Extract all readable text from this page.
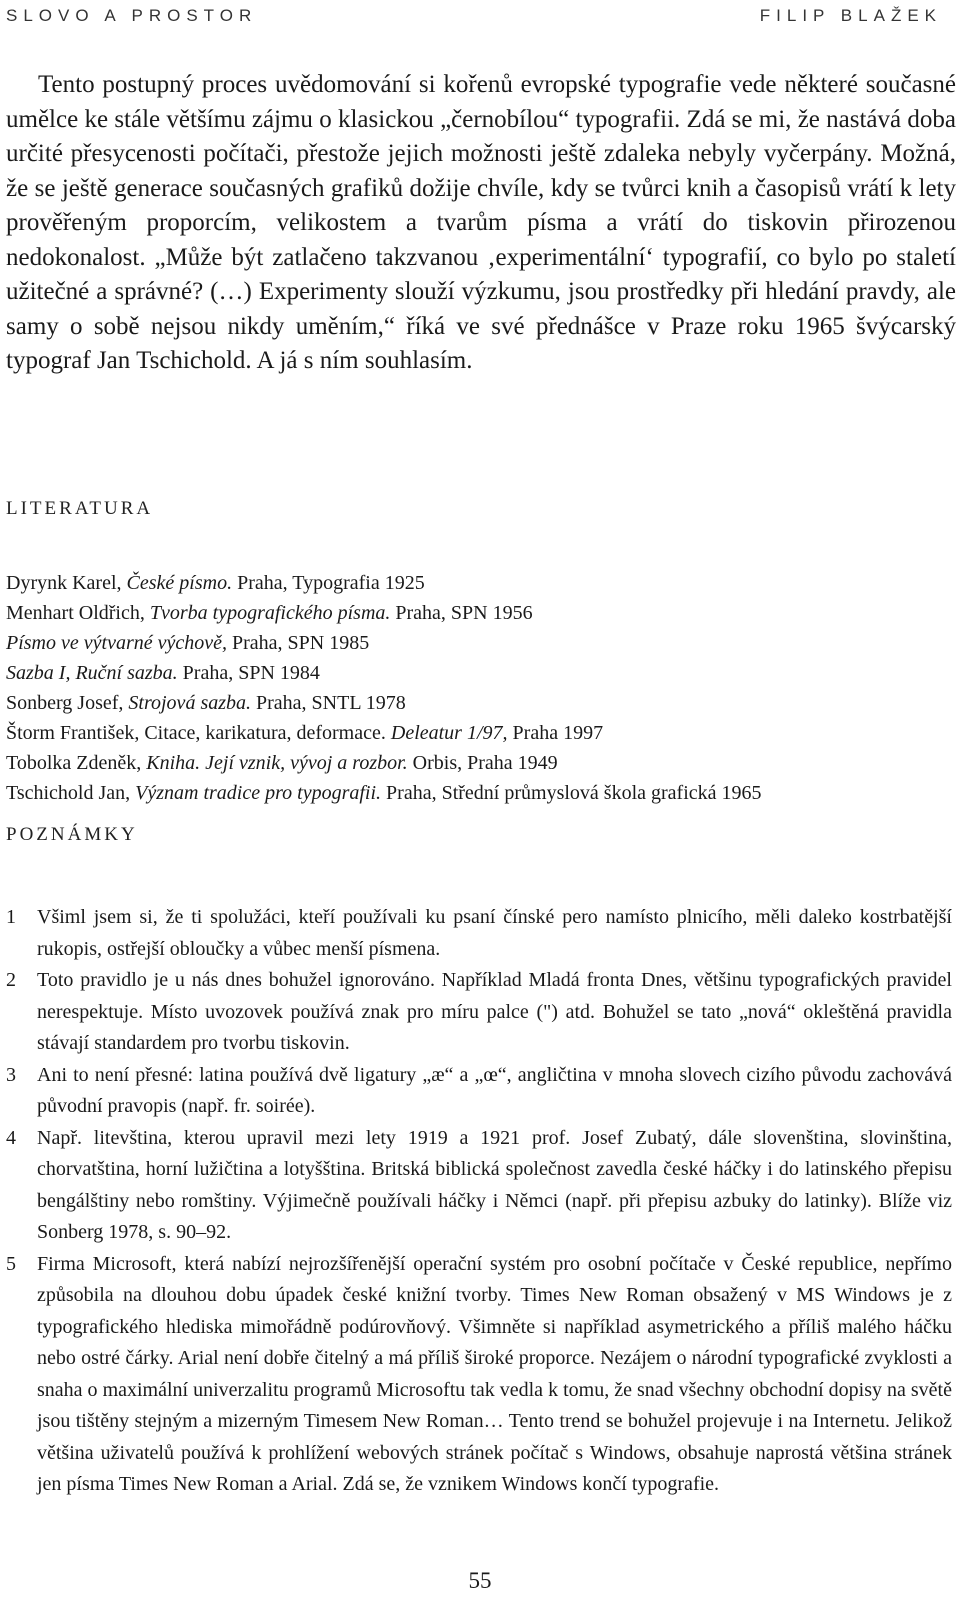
SLOVO A PROSTOR	FILIP BLAŽEK

Tento postupný proces uvědomování si kořenů evropské typografie vede některé současné umělce ke stále většímu zájmu o klasickou „černobílou“ typografii. Zdá se mi, že nastává doba určité přesycenosti počítači, přestože jejich možnosti ještě zdaleka nebyly vyčerpány. Možná, že se ještě generace současných grafiků dožije chvíle, kdy se tvůrci knih a časopisů vrátí k lety prověřeným proporcím, velikostem a tvarům písma a vrátí do tiskovin přirozenou nedokonalost. „Může být zatlačeno takzvanou ‚experimentální‘ typografií, co bylo po staletí užitečné a správné? (…) Experimenty slouží výzkumu, jsou prostředky při hledání pravdy, ale samy o sobě nejsou nikdy uměním,“ říká ve své přednášce v Praze roku 1965 švýcarský typograf Jan Tschichold. A já s ním souhlasím.

LITERATURA
Dyrynk Karel, České písmo. Praha, Typografia 1925
Menhart Oldřich, Tvorba typografického písma. Praha, SPN 1956
Písmo ve výtvarné výchově, Praha, SPN 1985
Sazba I, Ruční sazba. Praha, SPN 1984
Sonberg Josef, Strojová sazba. Praha, SNTL 1978
Štorm František, Citace, karikatura, deformace. Deleatur 1/97, Praha 1997
Tobolka Zdeněk, Kniha. Její vznik, vývoj a rozbor. Orbis, Praha 1949
Tschichold Jan, Význam tradice pro typografii. Praha, Střední průmyslová škola grafická 1965
POZNÁMKY
1	Všiml jsem si, že ti spolužáci, kteří používali ku psaní čínské pero namísto plnicího, měli daleko kostrbatější rukopis, ostřejší obloučky a vůbec menší písmena.
2	Toto pravidlo je u nás dnes bohužel ignorováno. Například Mladá fronta Dnes, většinu typografických pravidel nerespektuje. Místo uvozovek používá znak pro míru palce (") atd. Bohužel se tato „nová“ okleštěná pravidla stávají standardem pro tvorbu tiskovin.
3	Ani to není přesné: latina používá dvě ligatury „æ“ a „œ“, angličtina v mnoha slovech cizího původu zachovává původní pravopis (např. fr. soirée).
4	Např. litevština, kterou upravil mezi lety 1919 a 1921 prof. Josef Zubatý, dále slovenština, slovinština, chorvatština, horní lužičtina a lotyšština. Britská biblická společnost zavedla české háčky i do latinského přepisu bengálštiny nebo romštiny. Výjimečně používali háčky i Němci (např. při přepisu azbuky do latinky). Blíže viz Sonberg 1978, s. 90–92.
5	Firma Microsoft, která nabízí nejrozšířenější operační systém pro osobní počítače v České republice, nepřímo způsobila na dlouhou dobu úpadek české knižní tvorby. Times New Roman obsažený v MS Windows je z typografického hlediska mimořádně podúrovňový. Všimněte si například asymetrického a příliš malého háčku nebo ostré čárky. Arial není dobře čitelný a má příliš široké proporce. Nezájem o národní typografické zvyklosti a snaha o maximální univerzalitu programů Microsoftu tak vedla k tomu, že snad všechny obchodní dopisy na světě jsou tištěny stejným a mizerným Timesem New Roman… Tento trend se bohužel projevuje i na Internetu. Jelikož většina uživatelů používá k prohlížení webových stránek počítač s Windows, obsahuje naprostá většina stránek jen písma Times New Roman a Arial. Zdá se, že vznikem Windows končí typografie.
55
